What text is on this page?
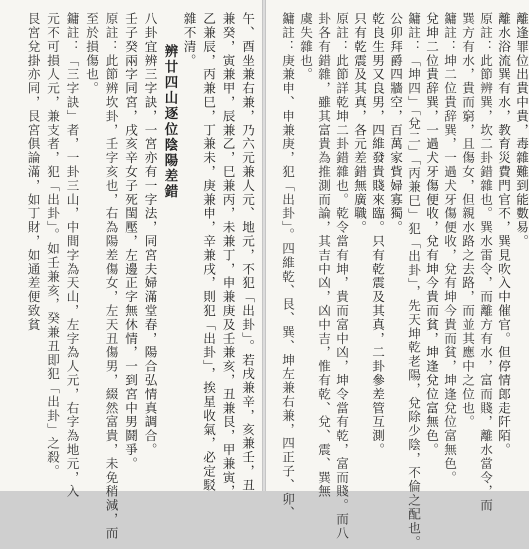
午、酉坐兼右兼，乃六元兼人元、地元，不犯「出卦」。若戌兼辛，亥兼壬，丑
兼癸，寅兼甲，辰兼乙，巳兼丙，未兼丁，申兼庚及壬兼亥，丑兼艮，甲兼寅，
乙兼辰，丙兼巳，丁兼未，庚兼申，辛兼戌，則犯「出卦」，挨星收氣，必定駁
雜不清。
辨廿四山逐位陰陽差錯
八卦宜辨三字訣，一宮亦有一字法，同宮夫婦滿堂春，陽合弘情真調合。
壬子癸兩字同宮，戌亥辛女子死閨壓，左邊正字無休情，一到宮中男鬪爭。
原註：此節辨坎卦，壬字亥也，右為陽差傷女，左天丑傷男，綴然富貴，未免稍減，而
至於損傷也。
鏞註：「三字訣」者，一卦三山，中間字為天山，左字為人元，右字為地元，入
元不可損人元，兼支者，犯「出卦」。如壬兼亥，癸兼丑即犯「出卦」之殺。
艮宮兌掛亦同，艮宮俱論滿，如丁財，如通差便致貧	離逢罪位出貴中貴，毒雜難到能數易。
離水浴流巽有水，教育災費門官不，巽見吹入中催官。但停情郎走阡陌。
原註：此節辨巽，坎二卦錯雜也。巽水雷令，而離方有水，富而賤，離水當令，而
巽方有水，貴而窮，且傷女，但親水路之去路，而並其應中之位也。
鏞註：坤二位貴辞巽，一過犬牙傷便收，兌有坤今貴而貧，坤逢兌位富無色。
兌坤二位貴辞巽，一過犬牙傷便收，兌有坤今貴而貧，坤逢兌位富無色。
鏞註：「坤四」「兌二」「丙兼巳」犯「出卦」，先天坤乾老陽，兌除少陰，不倫之配也。
公卯拜爵四牆空，百萬家貲婦寡獨。
乾良生男又良男，四維發貴賤來臨。只有乾震及其真，二卦參差管互測。
只有乾震及其真，各元差錯無廣職。
原註：此節詳乾坤二卦錯雜也。乾令當有坤，貴而富中凶，坤令當有乾，富而賤。而八
卦各有錯雜，雖其富貴為推測而論，其吉中凶，凶中吉，惟有乾、兌、震、巽無
虞失雜也。
鏞註：庚兼申、申兼庚，犯「出卦」。四維乾、艮、巽、坤左兼右兼，四正子、卯、
